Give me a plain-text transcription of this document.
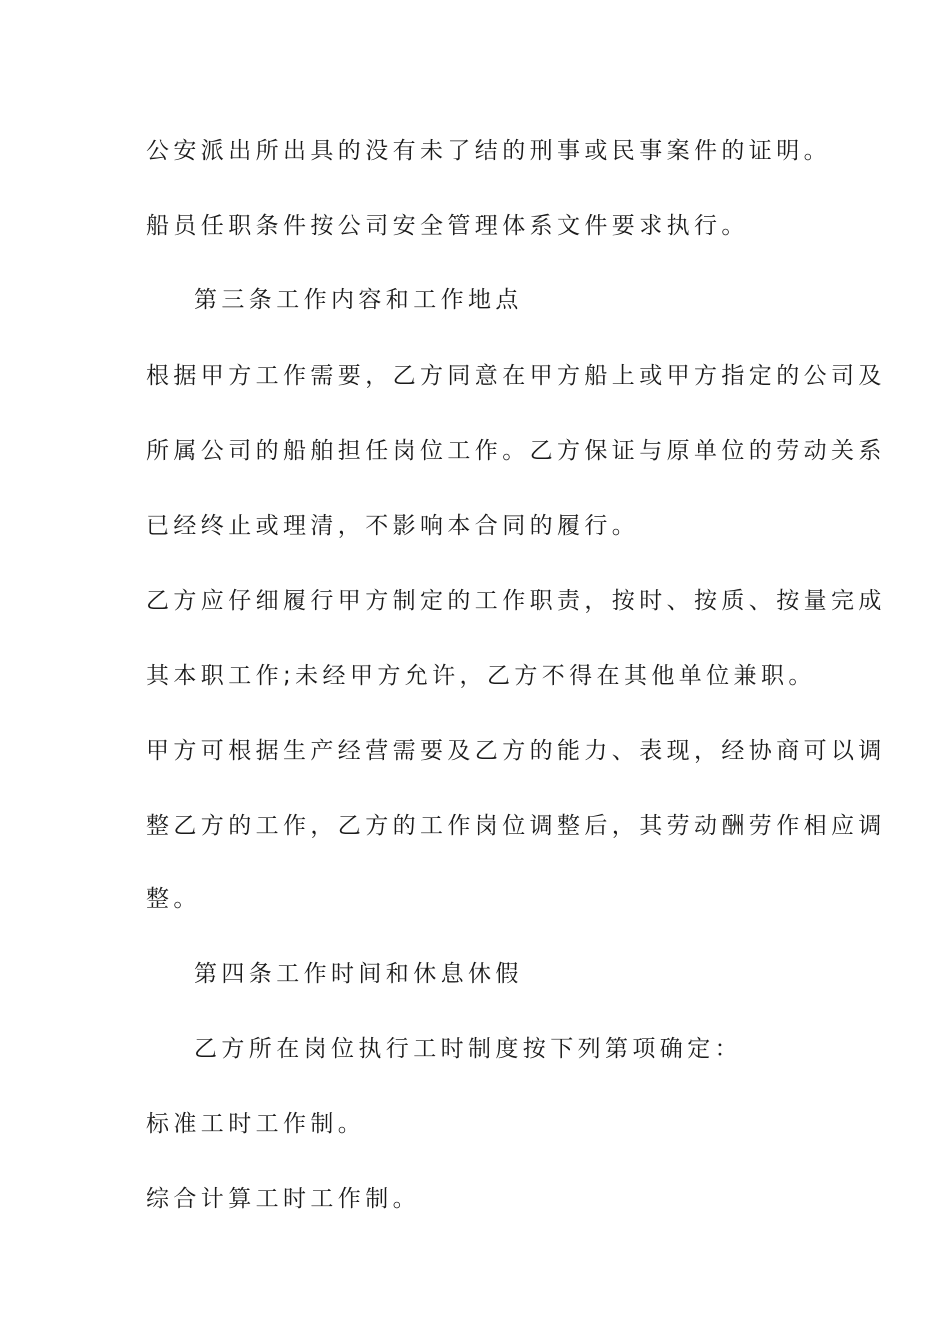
公安派出所出具的没有未了结的刑事或民事案件的证明。

船员任职条件按公司安全管理体系文件要求执行。

第三条工作内容和工作地点

根据甲方工作需要，乙方同意在甲方船上或甲方指定的公司及

所属公司的船舶担任岗位工作。乙方保证与原单位的劳动关系

已经终止或理清，不影响本合同的履行。

乙方应仔细履行甲方制定的工作职责，按时、按质、按量完成

其本职工作;未经甲方允许，乙方不得在其他单位兼职。

甲方可根据生产经营需要及乙方的能力、表现，经协商可以调

整乙方的工作，乙方的工作岗位调整后，其劳动酬劳作相应调

整。

第四条工作时间和休息休假

乙方所在岗位执行工时制度按下列第项确定：

标准工时工作制。

综合计算工时工作制。
